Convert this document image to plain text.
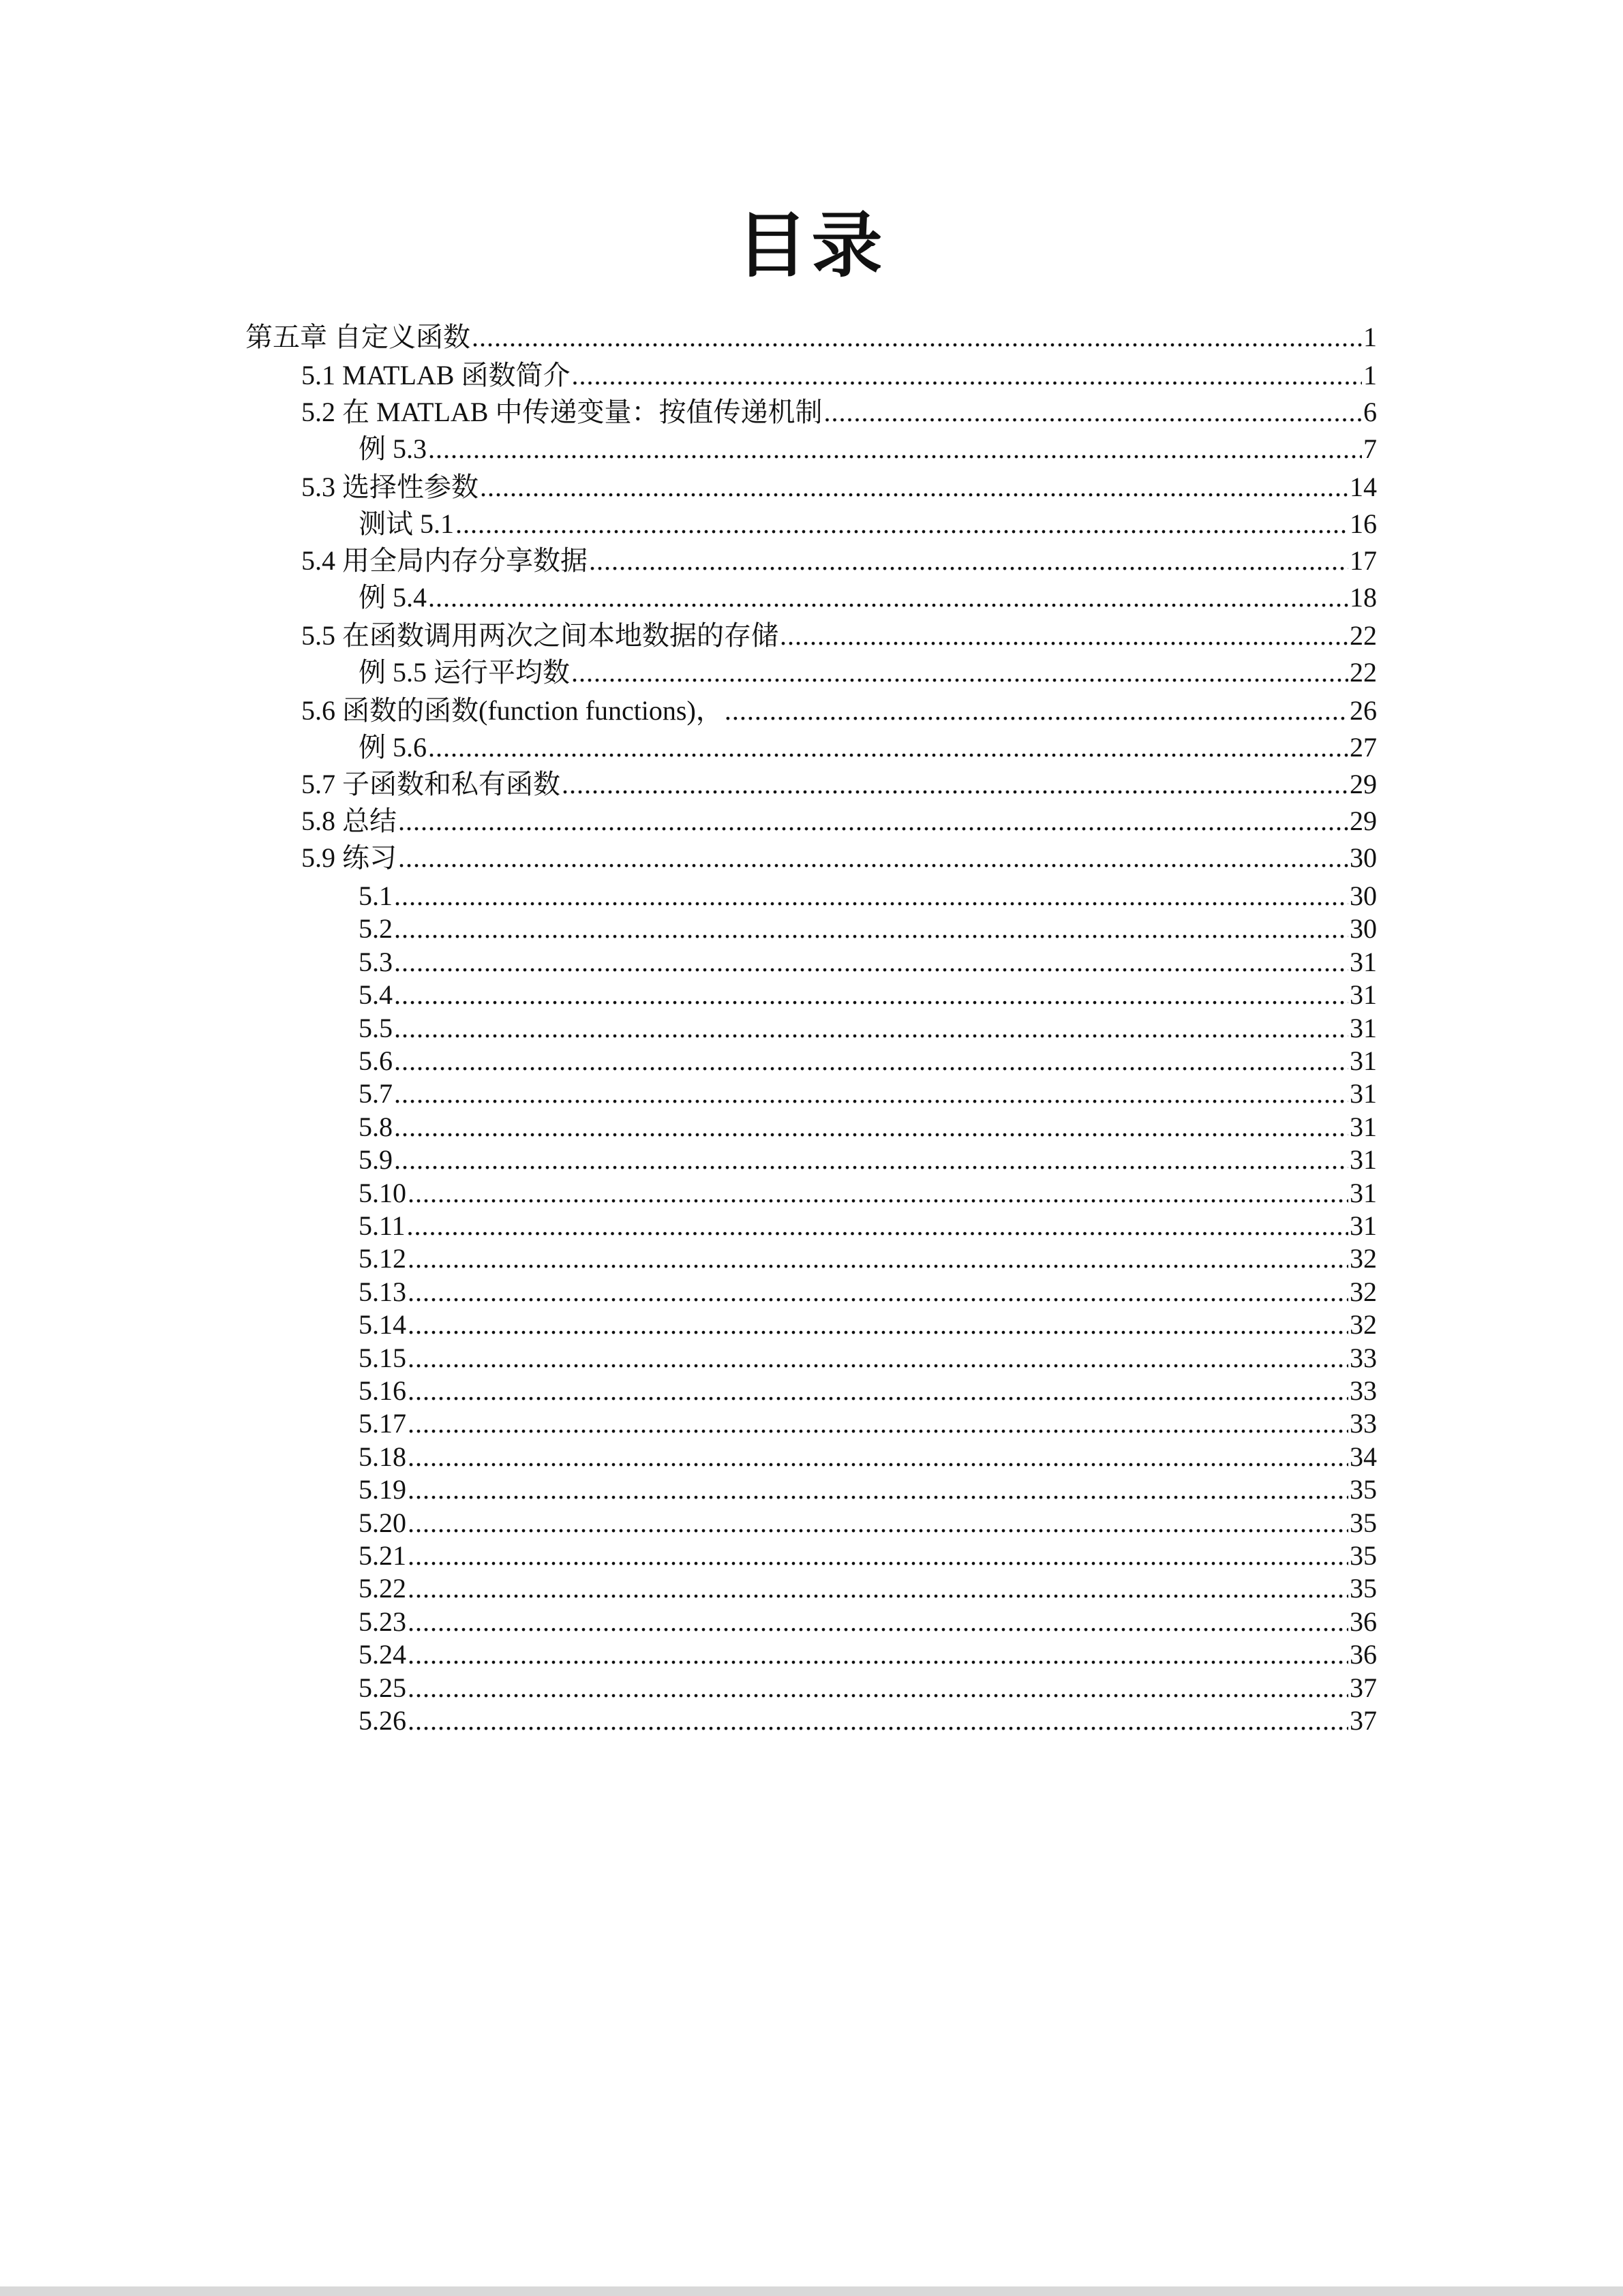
目录
第五章 自定义函数 .....	1
5.1 MATLAB 函数简介 .....	1
5.2 在 MATLAB 中传递变量：按值传递机制 .....	6
例 5.3 .....	7
5.3 选择性参数 .....	14
测试 5.1 .....	16
5.4 用全局内存分享数据 .....	17
例 5.4 .....	18
5.5 在函数调用两次之间本地数据的存储 .....	22
例 5.5 运行平均数 .....	22
5.6 函数的函数(function functions)， .....	26
例 5.6 .....	27
5.7 子函数和私有函数 .....	29
5.8 总结 .....	29
5.9 练习 .....	30
5.1 .....	30
5.2 .....	30
5.3 .....	31
5.4 .....	31
5.5 .....	31
5.6 .....	31
5.7 .....	31
5.8 .....	31
5.9 .....	31
5.10 .....	31
5.11 .....	31
5.12 .....	32
5.13 .....	32
5.14 .....	32
5.15 .....	33
5.16 .....	33
5.17 .....	33
5.18 .....	34
5.19 .....	35
5.20 .....	35
5.21 .....	35
5.22 .....	35
5.23 .....	36
5.24 .....	36
5.25 .....	37
5.26 .....	37
